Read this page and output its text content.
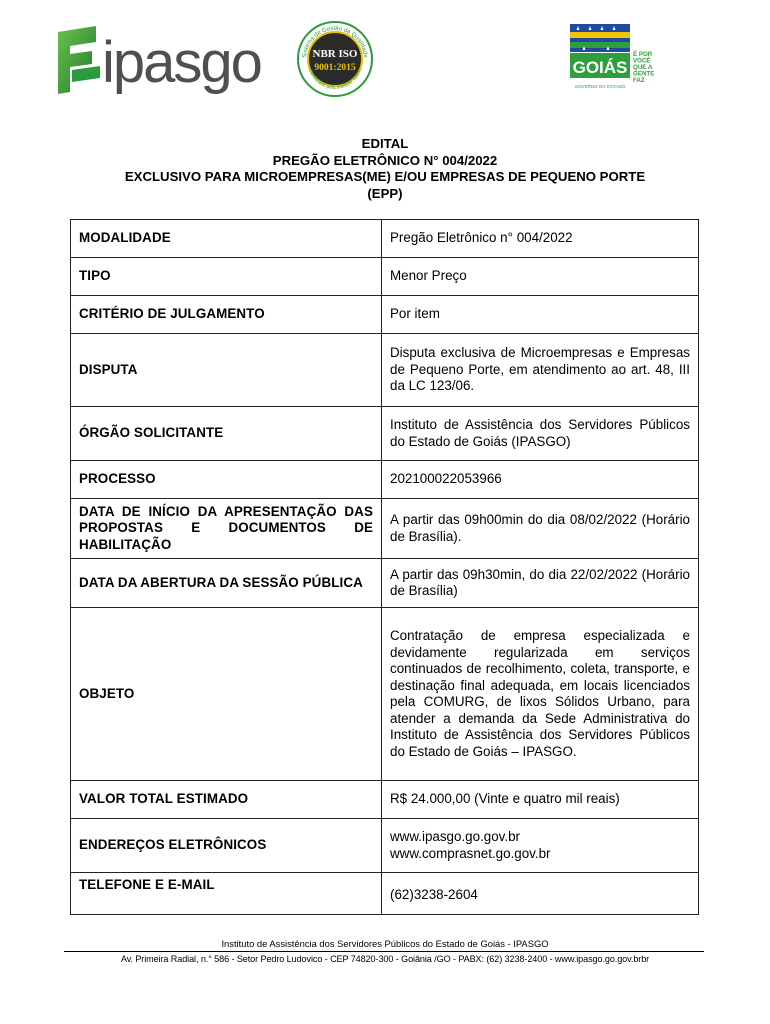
ipasgo	Sistema de Gestão da Qualidade
Certificado pela Instituto Totum
NBR ISO
9001:2015	GOIÁS
É POR
VOCÊ
QUE A
GENTE
FAZ
GOVERNO DO ESTADO
EDITAL
PREGÃO ELETRÔNICO N° 004/2022
EXCLUSIVO PARA MICROEMPRESAS(ME) E/OU EMPRESAS DE PEQUENO PORTE
(EPP)
MODALIDADE	Pregão Eletrônico n° 004/2022
TIPO	Menor Preço
CRITÉRIO DE JULGAMENTO	Por item
DISPUTA	Disputa exclusiva de Microempresas e Empresas de Pequeno Porte, em atendimento ao art. 48, III da LC 123/06.
ÓRGÃO SOLICITANTE	Instituto de Assistência dos Servidores Públicos do Estado de Goiás (IPASGO)
PROCESSO	202100022053966
DATA DE INÍCIO DA APRESENTAÇÃO DAS PROPOSTAS E DOCUMENTOS DE HABILITAÇÃO	A partir das 09h00min do dia 08/02/2022 (Horário de Brasília).
DATA DA ABERTURA DA SESSÃO PÚBLICA	A partir das 09h30min, do dia 22/02/2022 (Horário de Brasília)
OBJETO	Contratação de empresa especializada e devidamente regularizada em serviços continuados de recolhimento, coleta, transporte, e destinação final adequada, em locais licenciados pela COMURG, de lixos Sólidos Urbano, para atender a demanda da Sede Administrativa do Instituto de Assistência dos Servidores Públicos do Estado de Goiás – IPASGO.
VALOR TOTAL ESTIMADO	R$ 24.000,00 (Vinte e quatro mil reais)
ENDEREÇOS ELETRÔNICOS	www.ipasgo.go.gov.br
www.comprasnet.go.gov.br

TELEFONE E E-MAIL	(62)3238-2604
Instituto de Assistência dos Servidores Públicos do Estado de Goiás - IPASGO
Av. Primeira Radial, n.° 586 - Setor Pedro Ludovico - CEP 74820-300 - Goiânia /GO - PABX: (62) 3238-2400 - www.ipasgo.go.gov.brbr
